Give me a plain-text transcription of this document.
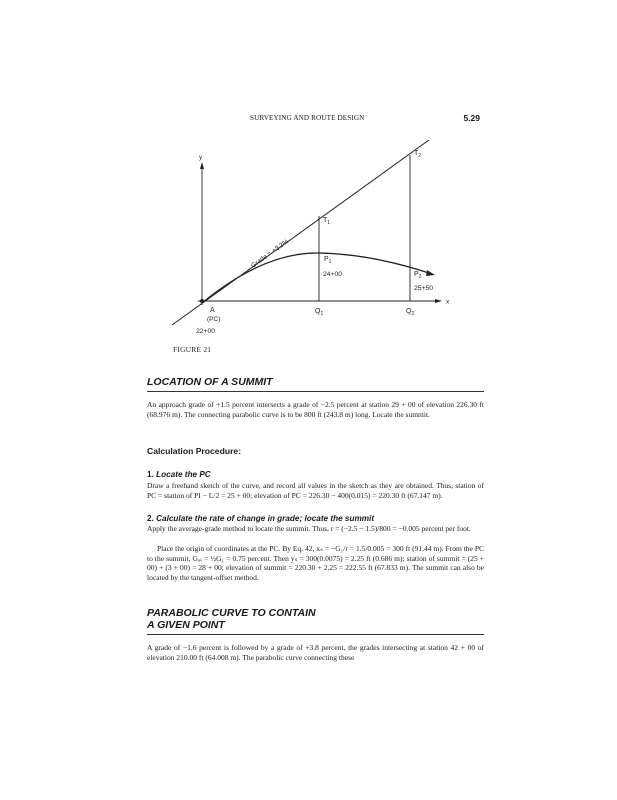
SURVEYING AND ROUTE DESIGN	5.29
y
x
$T_2$
$T_1$
Grade = +3.2%	$P_1$
24+00	$P_2$
25+50
A
(PC)
22+00
$Q_1$	$Q_2$
FIGURE 21
LOCATION OF A SUMMIT
An approach grade of +1.5 percent intersects a grade of −2.5 percent at station 29 + 00 of elevation 226.30 ft (68.976 m). The connecting parabolic curve is to be 800 ft (243.8 m) long. Locate the summit.
Calculation Procedure:
1. Locate the PC
Draw a freehand sketch of the curve, and record all values in the sketch as they are obtained. Thus, station of PC = station of PI − L/2 = 25 + 00; elevation of PC = 226.30 − 400(0.015) = 220.30 ft (67.147 m).
2. Calculate the rate of change in grade; locate the summit
Apply the average-grade method to locate the summit. Thus, r = (−2.5 − 1.5)/800 = −0.005 percent per foot.
Place the origin of coordinates at the PC. By Eq. 42, xₛ = −G₁/r = 1.5/0.005 = 300 ft (91.44 m). From the PC to the summit, Gₐᵥ = ½G₁ = 0.75 percent. Then yₛ = 300(0.0075) = 2.25 ft (0.686 m); station of summit = (25 + 00) + (3 + 00) = 28 + 00; elevation of summit = 220.30 + 2.25 = 222.55 ft (67.833 m). The summit can also be located by the tangent-offset method.
PARABOLIC CURVE TO CONTAIN
A GIVEN POINT
A grade of −1.6 percent is followed by a grade of +3.8 percent, the grades intersecting at station 42 + 00 of elevation 210.00 ft (64.008 m). The parabolic curve connecting these
